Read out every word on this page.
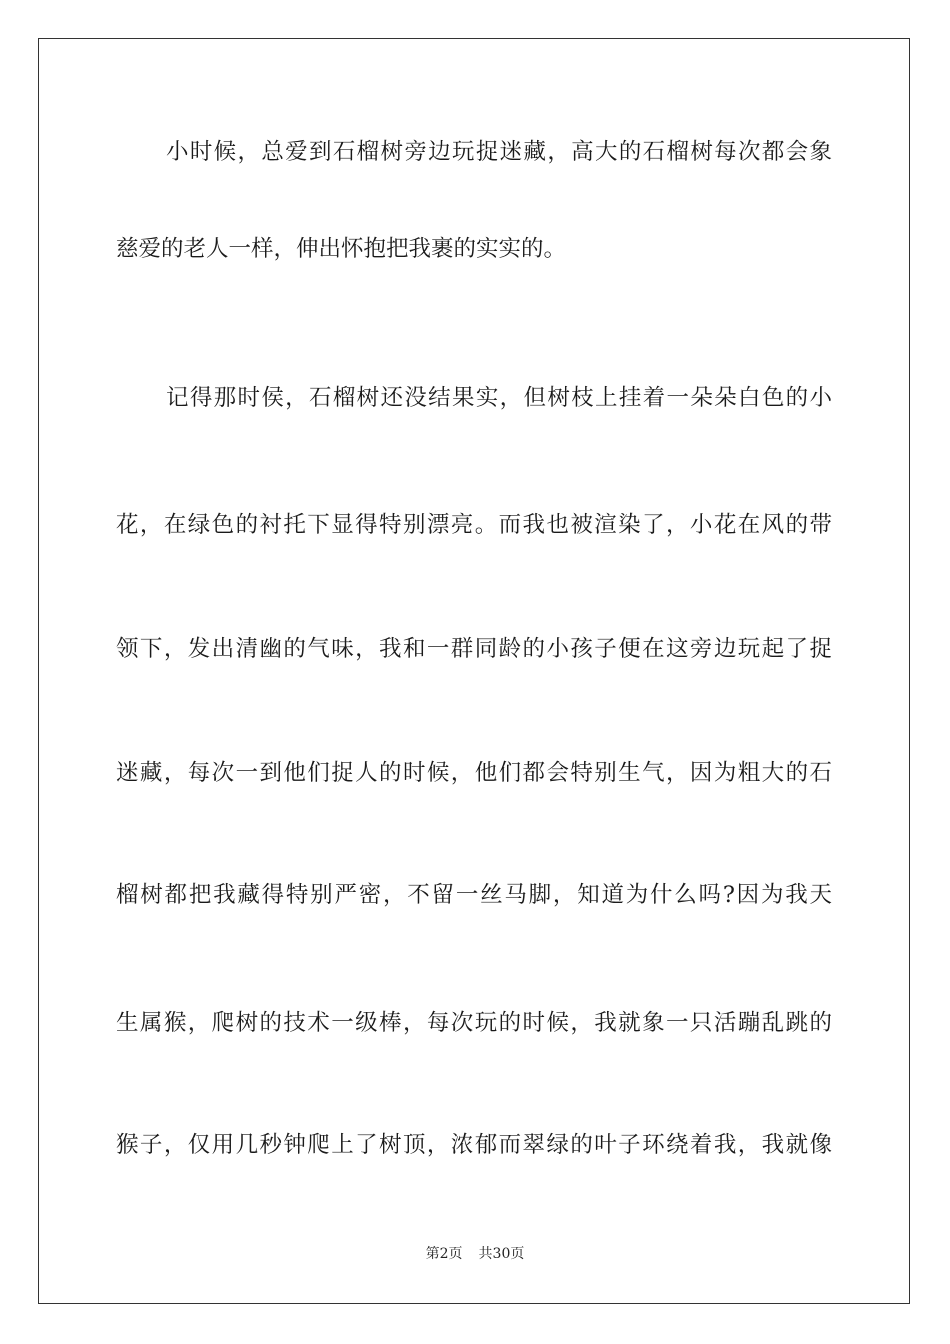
小时候，总爱到石榴树旁边玩捉迷藏，高大的石榴树每次都会象
慈爱的老人一样，伸出怀抱把我裹的实实的。
记得那时侯，石榴树还没结果实，但树枝上挂着一朵朵白色的小
花，在绿色的衬托下显得特别漂亮。而我也被渲染了，小花在风的带
领下，发出清幽的气味，我和一群同龄的小孩子便在这旁边玩起了捉
迷藏，每次一到他们捉人的时候，他们都会特别生气，因为粗大的石
榴树都把我藏得特别严密，不留一丝马脚，知道为什么吗?因为我天
生属猴，爬树的技术一级棒，每次玩的时候，我就象一只活蹦乱跳的
猴子，仅用几秒钟爬上了树顶，浓郁而翠绿的叶子环绕着我，我就像
第2页 共30页
